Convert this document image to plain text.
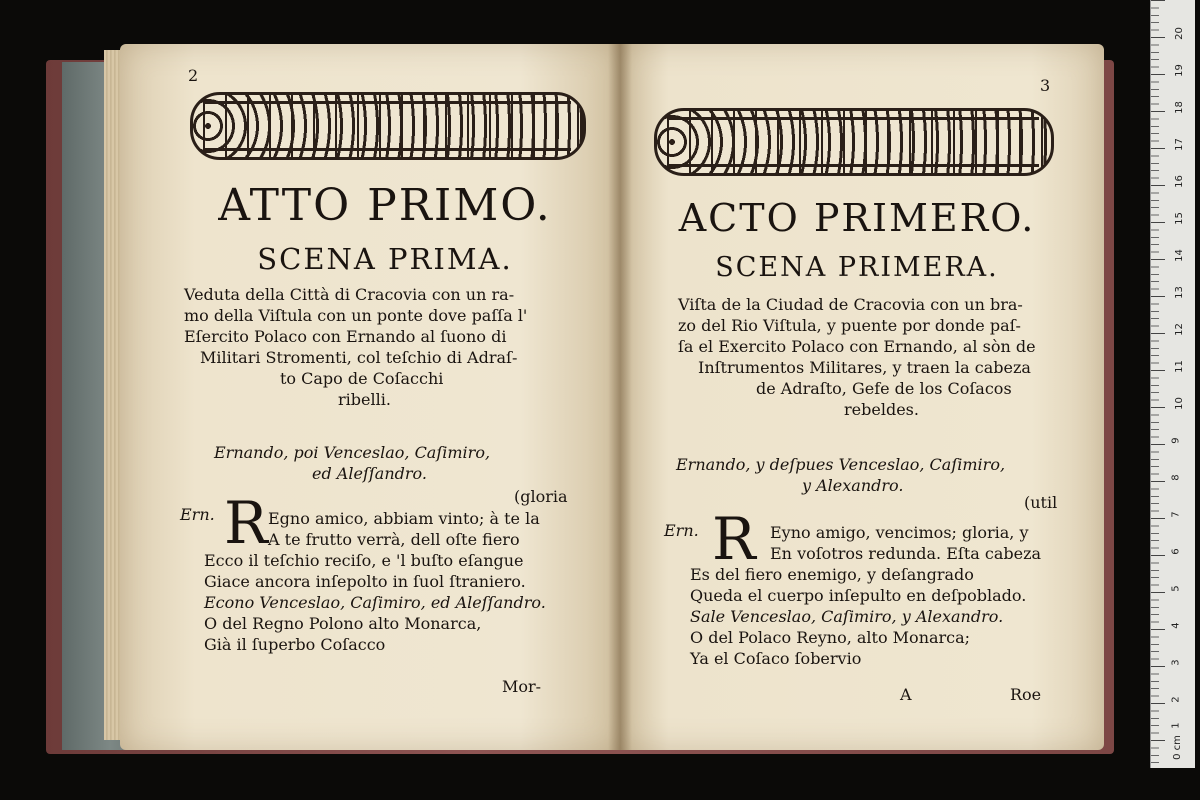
2
ATTO PRIMO.
SCENA PRIMA.
Veduta della Città di Cracovia con un ra-
mo della Viſtula con un ponte dove paſſa l'
Eſercito Polaco con Ernando al ſuono di
Militari Stromenti, col teſchio di Adraſ-
to Capo de Coſacchi
ribelli.
Ernando, poi Venceslao, Caſimiro,
ed Aleſſandro.
(gloria
Ern. R Egno amico, abbiam vinto; à te la
A te frutto verrà, dell oſte fiero
Ecco il teſchio reciſo, e 'l buſto eſangue
Giace ancora inſepolto in ſuol ſtraniero.
Econo Venceslao, Caſimiro, ed Aleſſandro.
O del Regno Polono alto Monarca,
Già il ſuperbo Coſacco
Mor-
3
ACTO PRIMERO.
SCENA PRIMERA.
Viſta de la Ciudad de Cracovia con un bra-
zo del Rio Viſtula, y puente por donde paſ-
ſa el Exercito Polaco con Ernando, al sòn de
Inſtrumentos Militares, y traen la cabeza
de Adraſto, Gefe de los Coſacos
rebeldes.
Ernando, y deſpues Venceslao, Caſimiro,
y Alexandro.
(util
Ern. R Eyno amigo, vencimos; gloria, y
En voſotros redunda. Eſta cabeza
Es del fiero enemigo, y deſangrado
Queda el cuerpo inſepulto en deſpoblado.
Sale Venceslao, Caſimiro, y Alexandro.
O del Polaco Reyno, alto Monarca;
Ya el Coſaco ſobervio
A	Roe
20
19
18
17
16
15
14
13
12
11
10
9
8
7
6
5
4
3
2
1
0 cm
